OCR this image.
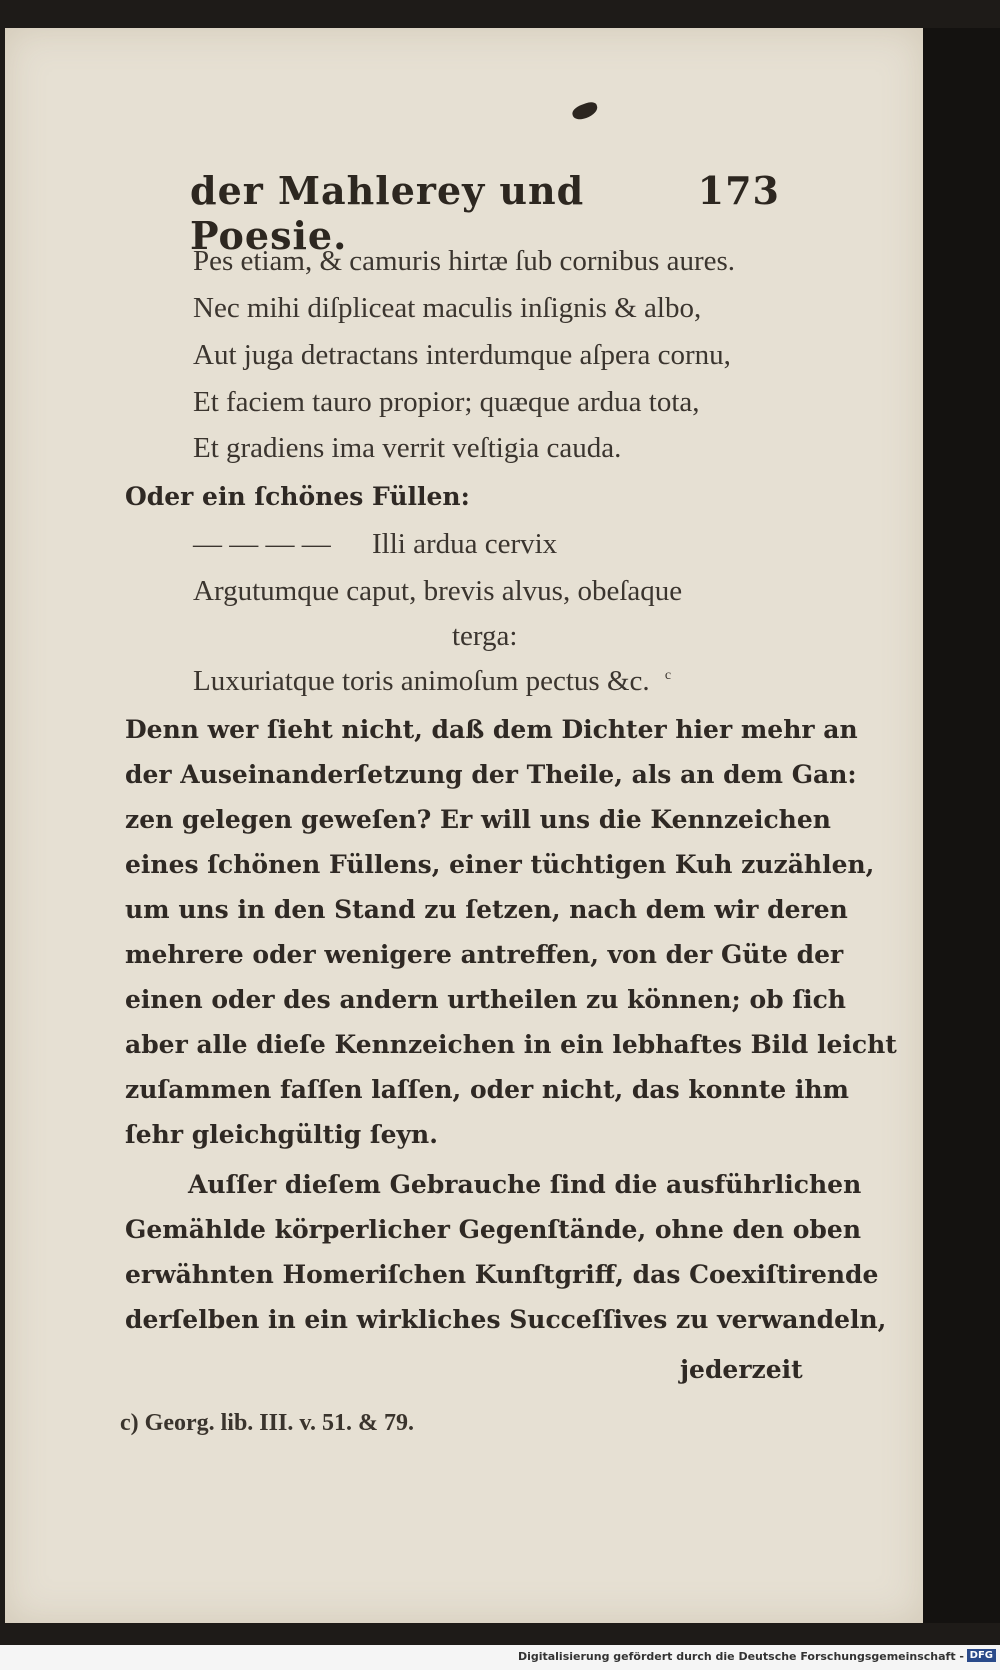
der Mahlerey und Poesie.
173
Pes etiam, & camuris hirtæ ſub cornibus aures.
Nec mihi diſpliceat maculis inſignis & albo,
Aut juga detractans interdumque aſpera cornu,
Et faciem tauro propior; quæque ardua tota,
Et gradiens ima verrit veſtigia cauda.
Oder ein ſchönes Füllen:
— — — — Illi ardua cervix
Argutumque caput, brevis alvus, obeſaque
terga:
Luxuriatque toris animoſum pectus &c. $^c$
Denn wer ſieht nicht, daß dem Dichter hier mehr an
der Auseinanderſetzung der Theile, als an dem Gan:
zen gelegen geweſen? Er will uns die Kennzeichen
eines ſchönen Füllens, einer tüchtigen Kuh zuzählen,
um uns in den Stand zu ſetzen, nach dem wir deren
mehrere oder wenigere antreffen, von der Güte der
einen oder des andern urtheilen zu können; ob ſich
aber alle dieſe Kennzeichen in ein lebhaftes Bild leicht
zuſammen faſſen laſſen, oder nicht, das konnte ihm
ſehr gleichgültig ſeyn.
Auſſer dieſem Gebrauche ſind die ausführlichen
Gemählde körperlicher Gegenſtände, ohne den oben
erwähnten Homeriſchen Kunſtgriff, das Coexiſtirende
derſelben in ein wirkliches Succeſſives zu verwandeln,
jederzeit
c) Georg. lib. III. v. 51. & 79.
Digitalisierung gefördert durch die Deutsche Forschungsgemeinschaft - DFG
